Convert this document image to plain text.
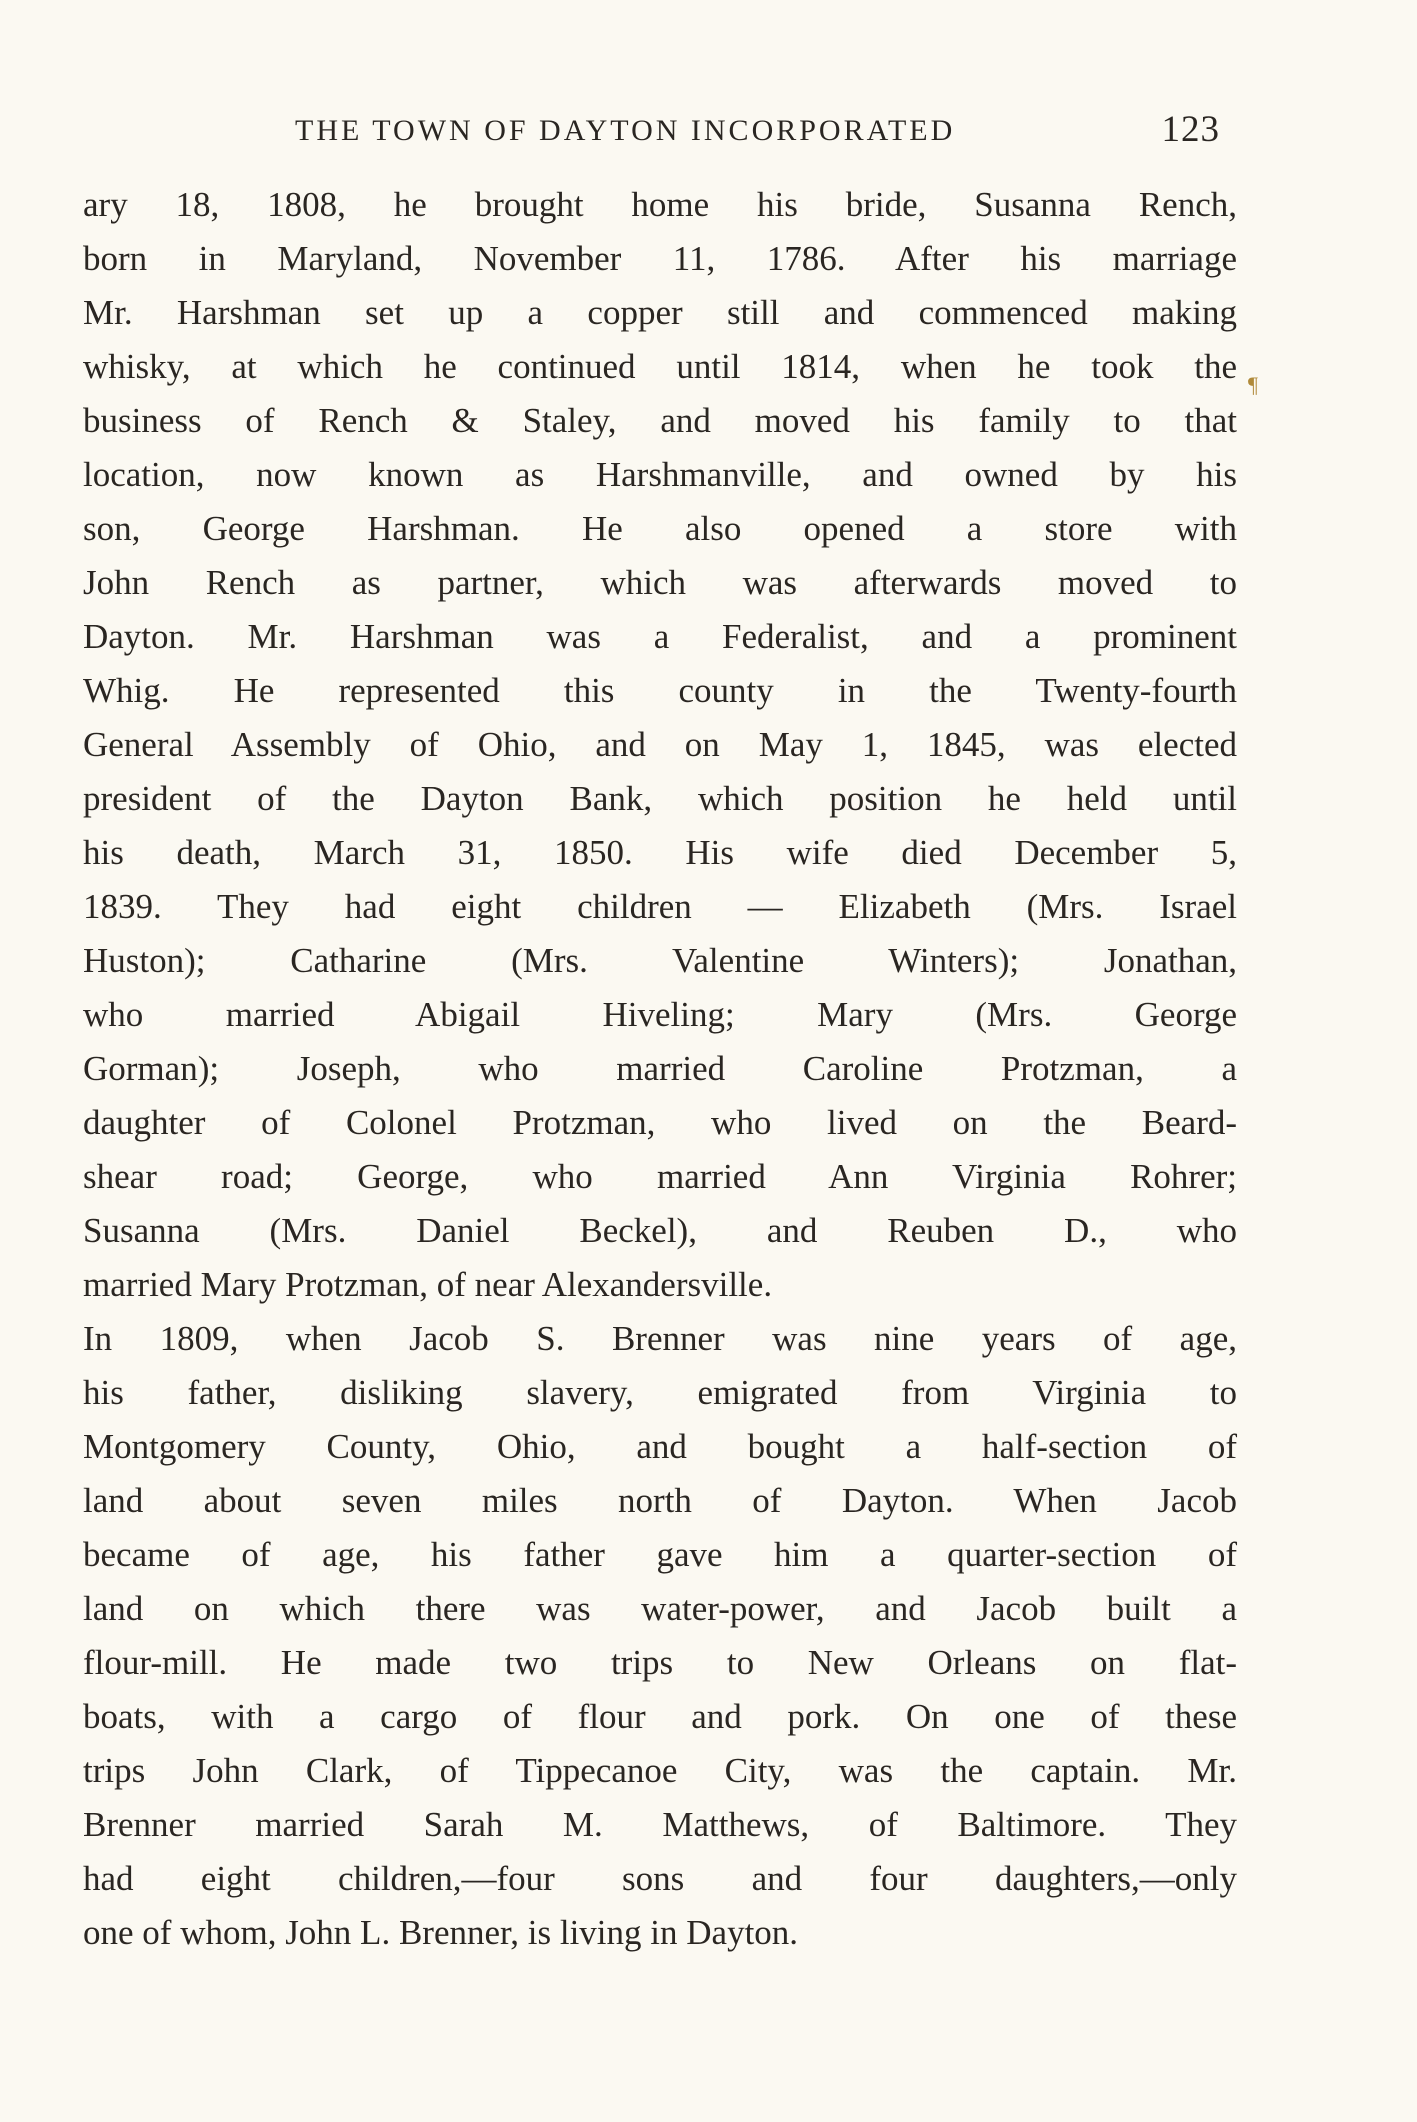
THE TOWN OF DAYTON INCORPORATED	123
¶
ary 18, 1808, he brought home his bride, Susanna Rench,
born in Maryland, November 11, 1786. After his marriage
Mr. Harshman set up a copper still and commenced making
whisky, at which he continued until 1814, when he took the
business of Rench & Staley, and moved his family to that
location, now known as Harshmanville, and owned by his
son, George Harshman. He also opened a store with
John Rench as partner, which was afterwards moved to
Dayton. Mr. Harshman was a Federalist, and a prominent
Whig. He represented this county in the Twenty-fourth
General Assembly of Ohio, and on May 1, 1845, was elected
president of the Dayton Bank, which position he held until
his death, March 31, 1850. His wife died December 5,
1839. They had eight children — Elizabeth (Mrs. Israel
Huston); Catharine (Mrs. Valentine Winters); Jonathan,
who married Abigail Hiveling; Mary (Mrs. George
Gorman); Joseph, who married Caroline Protzman, a
daughter of Colonel Protzman, who lived on the Beard-
shear road; George, who married Ann Virginia Rohrer;
Susanna (Mrs. Daniel Beckel), and Reuben D., who
married Mary Protzman, of near Alexandersville.
In 1809, when Jacob S. Brenner was nine years of age,
his father, disliking slavery, emigrated from Virginia to
Montgomery County, Ohio, and bought a half-section of
land about seven miles north of Dayton. When Jacob
became of age, his father gave him a quarter-section of
land on which there was water-power, and Jacob built a
flour-mill. He made two trips to New Orleans on flat-
boats, with a cargo of flour and pork. On one of these
trips John Clark, of Tippecanoe City, was the captain. Mr.
Brenner married Sarah M. Matthews, of Baltimore. They
had eight children,—four sons and four daughters,—only
one of whom, John L. Brenner, is living in Dayton.
